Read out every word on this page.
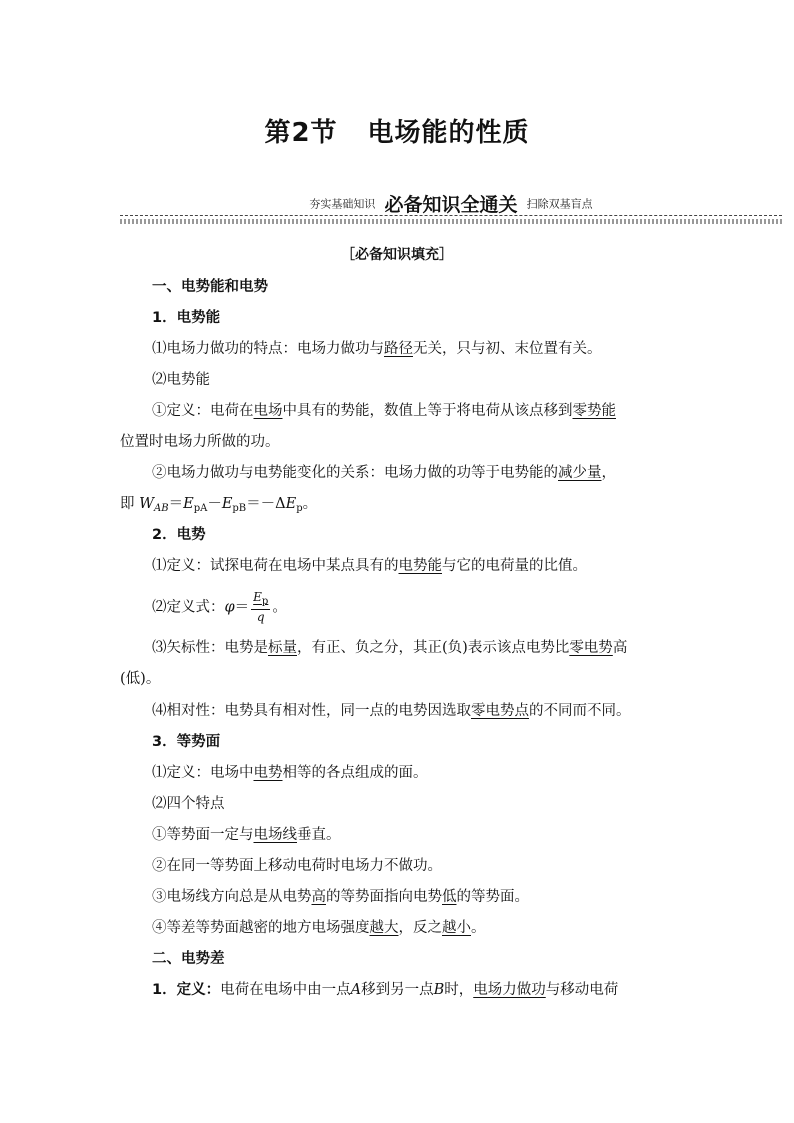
第2节 电场能的性质
夯实基础知识 必备知识全通关 扫除双基盲点
［必备知识填充］
一、电势能和电势
1．电势能
⑴电场力做功的特点：电场力做功与路径无关，只与初、末位置有关。
⑵电势能
①定义：电荷在电场中具有的势能，数值上等于将电荷从该点移到零势能
位置时电场力所做的功。
②电场力做功与电势能变化的关系：电场力做的功等于电势能的减少量，
即 $W_{AB}=E_{pA}-E_{pB}=-\Delta E_p$。
2．电势
⑴定义：试探电荷在电场中某点具有的电势能与它的电荷量的比值。
⑵定义式：$\varphi= \frac{E_p}{q}$ 。
⑶矢标性：电势是标量，有正、负之分，其正(负)表示该点电势比零电势高
(低)。
⑷相对性：电势具有相对性，同一点的电势因选取零电势点的不同而不同。
3．等势面
⑴定义：电场中电势相等的各点组成的面。
⑵四个特点
①等势面一定与电场线垂直。
②在同一等势面上移动电荷时电场力不做功。
③电场线方向总是从电势高的等势面指向电势低的等势面。
④等差等势面越密的地方电场强度越大，反之越小。
二、电势差
1．定义：电荷在电场中由一点A移到另一点B时，电场力做功与移动电荷
